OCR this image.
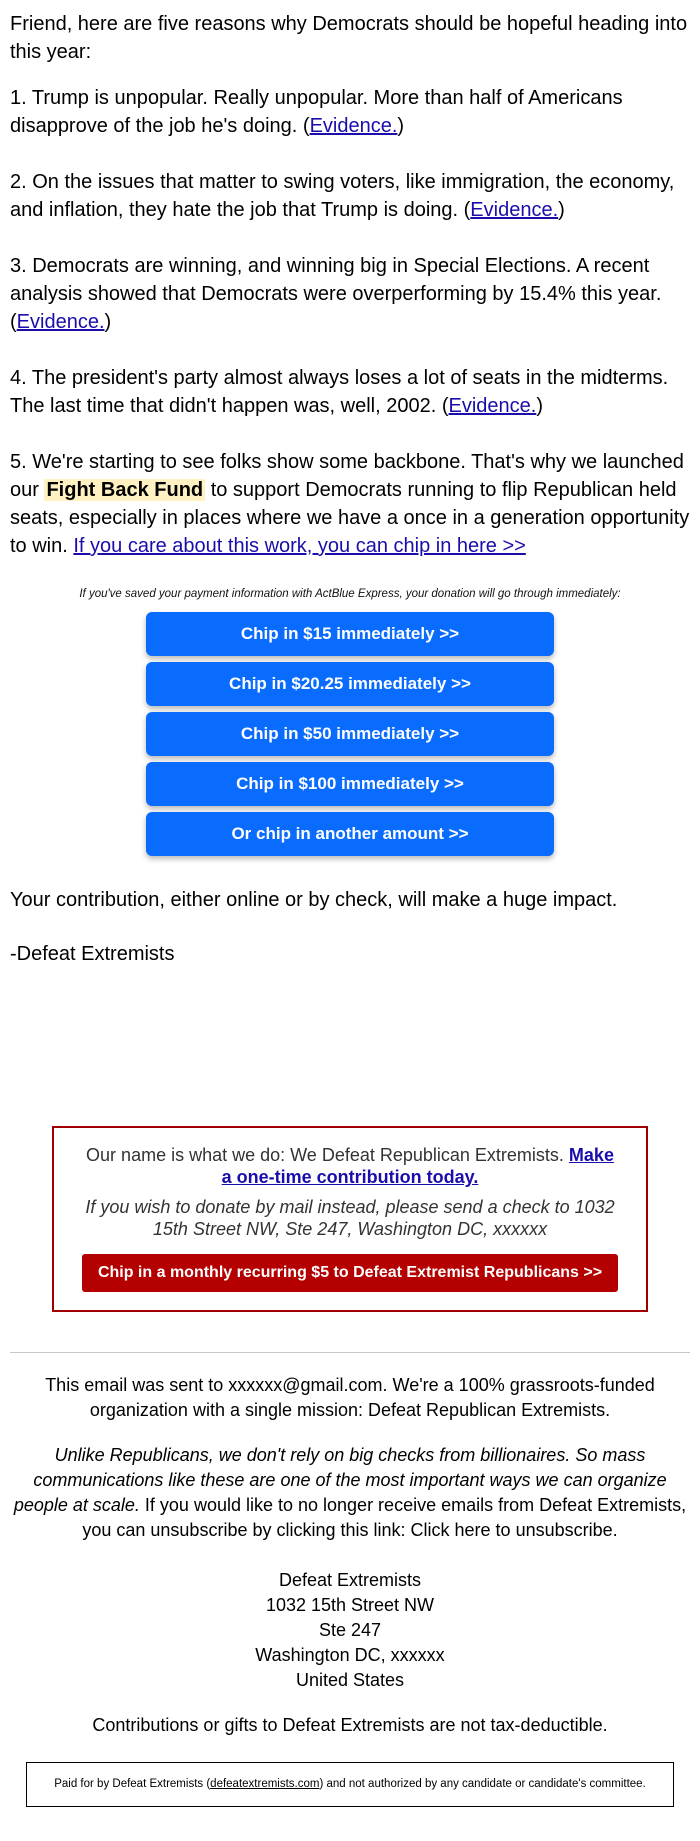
Friend, here are five reasons why Democrats should be hopeful heading into this year:

1. Trump is unpopular. Really unpopular. More than half of Americans disapprove of the job he's doing. (Evidence.)

2. On the issues that matter to swing voters, like immigration, the economy, and inflation, they hate the job that Trump is doing. (Evidence.)

3. Democrats are winning, and winning big in Special Elections. A recent analysis showed that Democrats were overperforming by 15.4% this year. (Evidence.)

4. The president's party almost always loses a lot of seats in the midterms. The last time that didn't happen was, well, 2002. (Evidence.)

5. We're starting to see folks show some backbone. That's why we launched our Fight Back Fund to support Democrats running to flip Republican held seats, especially in places where we have a once in a generation opportunity to win. If you care about this work, you can chip in here >>

If you've saved your payment information with ActBlue Express, your donation will go through immediately:
Chip in $15 immediately >>
Chip in $20.25 immediately >>
Chip in $50 immediately >>
Chip in $100 immediately >>
Or chip in another amount >>

Your contribution, either online or by check, will make a huge impact.

-Defeat Extremists

Our name is what we do: We Defeat Republican Extremists. Make a one-time contribution today.
If you wish to donate by mail instead, please send a check to 1032 15th Street NW, Ste 247, Washington DC, xxxxxx
Chip in a monthly recurring $5 to Defeat Extremist Republicans >>

This email was sent to xxxxxx@gmail.com. We're a 100% grassroots-funded organization with a single mission: Defeat Republican Extremists.

Unlike Republicans, we don't rely on big checks from billionaires. So mass communications like these are one of the most important ways we can organize people at scale. If you would like to no longer receive emails from Defeat Extremists, you can unsubscribe by clicking this link: Click here to unsubscribe.

Defeat Extremists
1032 15th Street NW
Ste 247
Washington DC, xxxxxx
United States

Contributions or gifts to Defeat Extremists are not tax-deductible.

Paid for by Defeat Extremists (defeatextremists.com) and not authorized by any candidate or candidate's committee.
